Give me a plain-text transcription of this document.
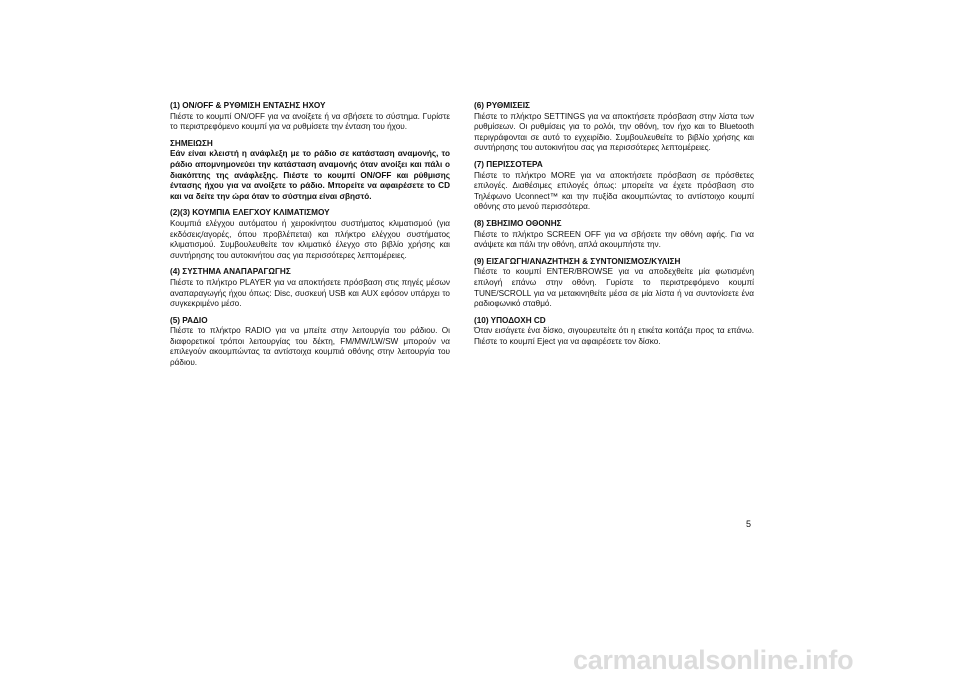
(1) ON/OFF & ΡΥΘΜΙΣΗ ΕΝΤΑΣΗΣ ΗΧΟΥ
Πιέστε το κουμπί ON/OFF για να ανοίξετε ή να σβήσετε το σύστημα. Γυρίστε το περιστρεφόμενο κουμπί για να ρυθμίσετε την ένταση του ήχου.
ΣΗΜΕΙΩΣΗ
Εάν είναι κλειστή η ανάφλεξη με το ράδιο σε κατάσταση αναμονής, το ράδιο απομνημονεύει την κατάσταση αναμονής όταν ανοίξει και πάλι ο διακόπτης της ανάφλεξης. Πιέστε το κουμπί ON/OFF και ρύθμισης έντασης ήχου για να ανοίξετε το ράδιο. Μπορείτε να αφαιρέσετε το CD και να δείτε την ώρα όταν το σύστημα είναι σβηστό.
(2)(3) ΚΟΥΜΠΙΑ ΕΛΕΓΧΟΥ ΚΛΙΜΑΤΙΣΜΟΥ
Κουμπιά ελέγχου αυτόματου ή χειροκίνητου συστήματος κλιματισμού (για εκδόσεις/αγορές, όπου προβλέπεται) και πλήκτρο ελέγχου συστήματος κλιματισμού. Συμβουλευθείτε τον κλιματικό έλεγχο στο βιβλίο χρήσης και συντήρησης του αυτοκινήτου σας για περισσότερες λεπτομέρειες.
(4) ΣΥΣΤΗΜΑ ΑΝΑΠΑΡΑΓΩΓΗΣ
Πιέστε το πλήκτρο PLAYER για να αποκτήσετε πρόσβαση στις πηγές μέσων αναπαραγωγής ήχου όπως: Disc, συσκευή USB και AUX εφόσον υπάρχει το συγκεκριμένο μέσο.
(5) ΡΑΔΙΟ
Πιέστε το πλήκτρο RADIO για να μπείτε στην λειτουργία του ράδιου. Οι διαφορετικοί τρόποι λειτουργίας του δέκτη, FM/MW/LW/SW μπορούν να επιλεγούν ακουμπώντας τα αντίστοιχα κουμπιά οθόνης στην λειτουργία του ράδιου.
(6) ΡΥΘΜΙΣΕΙΣ
Πιέστε το πλήκτρο SETTINGS για να αποκτήσετε πρόσβαση στην λίστα των ρυθμίσεων. Οι ρυθμίσεις για το ρολόι, την οθόνη, τον ήχο και το Bluetooth περιγράφονται σε αυτό το εγχειρίδιο. Συμβουλευθείτε το βιβλίο χρήσης και συντήρησης του αυτοκινήτου σας για περισσότερες λεπτομέρειες.
(7) ΠΕΡΙΣΣΟΤΕΡΑ
Πιέστε το πλήκτρο MORE για να αποκτήσετε πρόσβαση σε πρόσθετες επιλογές. Διαθέσιμες επιλογές όπως: μπορείτε να έχετε πρόσβαση στο Τηλέφωνο Uconnect™ και την πυξίδα ακουμπώντας το αντίστοιχο κουμπί οθόνης στο μενού περισσότερα.
(8) ΣΒΗΣΙΜΟ ΟΘΟΝΗΣ
Πιέστε το πλήκτρο SCREEN OFF για να σβήσετε την οθόνη αφής. Για να ανάψετε και πάλι την οθόνη, απλά ακουμπήστε την.
(9) ΕΙΣΑΓΩΓΗ/ΑΝΑΖΗΤΗΣΗ & ΣΥΝΤΟΝΙΣΜΟΣ/ΚΥΛΙΣΗ
Πιέστε το κουμπί ENTER/BROWSE για να αποδεχθείτε μία φωτισμένη επιλογή επάνω στην οθόνη. Γυρίστε το περιστρεφόμενο κουμπί TUNE/SCROLL για να μετακινηθείτε μέσα σε μία λίστα ή να συντονίσετε ένα ραδιοφωνικό σταθμό.
(10) ΥΠΟΔΟΧΗ CD
Όταν εισάγετε ένα δίσκο, σιγουρευτείτε ότι η ετικέτα κοιτάζει προς τα επάνω. Πιέστε το κουμπί Eject για να αφαιρέσετε τον δίσκο.
5
carmanualsonline.info
